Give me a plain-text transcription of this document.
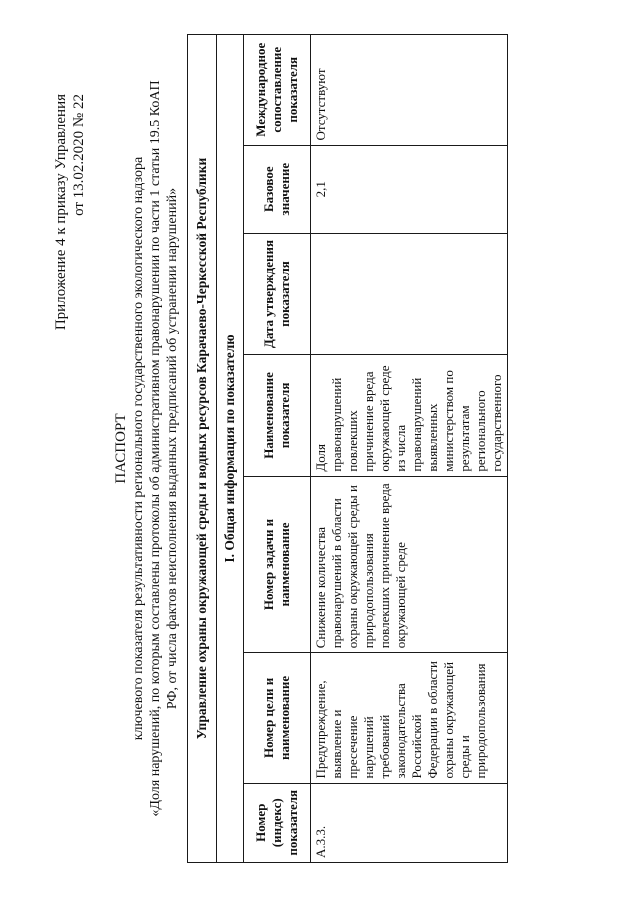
Приложение 4 к приказу Управления от 13.02.2020 № 22
ПАСПОРТ ключевого показателя результативности регионального государственного экологического надзора «Доля нарушений, по которым составлены протоколы об административном правонарушении по части 1 статьи 19.5 КоАП РФ, от числа фактов неисполнения выданных предписаний об устранении нарушений» Управление охраны окружающей среды и водных ресурсов Карачаево-Черкесской Республики						
I. Общая информация по показателю						
Номер (индекс) показателя	Номер цели и наименование	Номер задачи и наименование	Наименование показателя	Дата утверждения показателя	Базовое значение	Международное сопоставление показателя
А.3.3.	Предупреждение, выявление и пресечение нарушений требований законодательства Российской Федерации в области охраны окружающей среды и природопользования	Снижение количества правонарушений в области охраны окружающей среды и природопользования повлекших причинение вреда окружающей среде	Доля правонарушений повлекших причинение вреда окружающей среде из числа правонарушений выявленных министерством по результатам регионального государственного		2,1	Отсутствуют
